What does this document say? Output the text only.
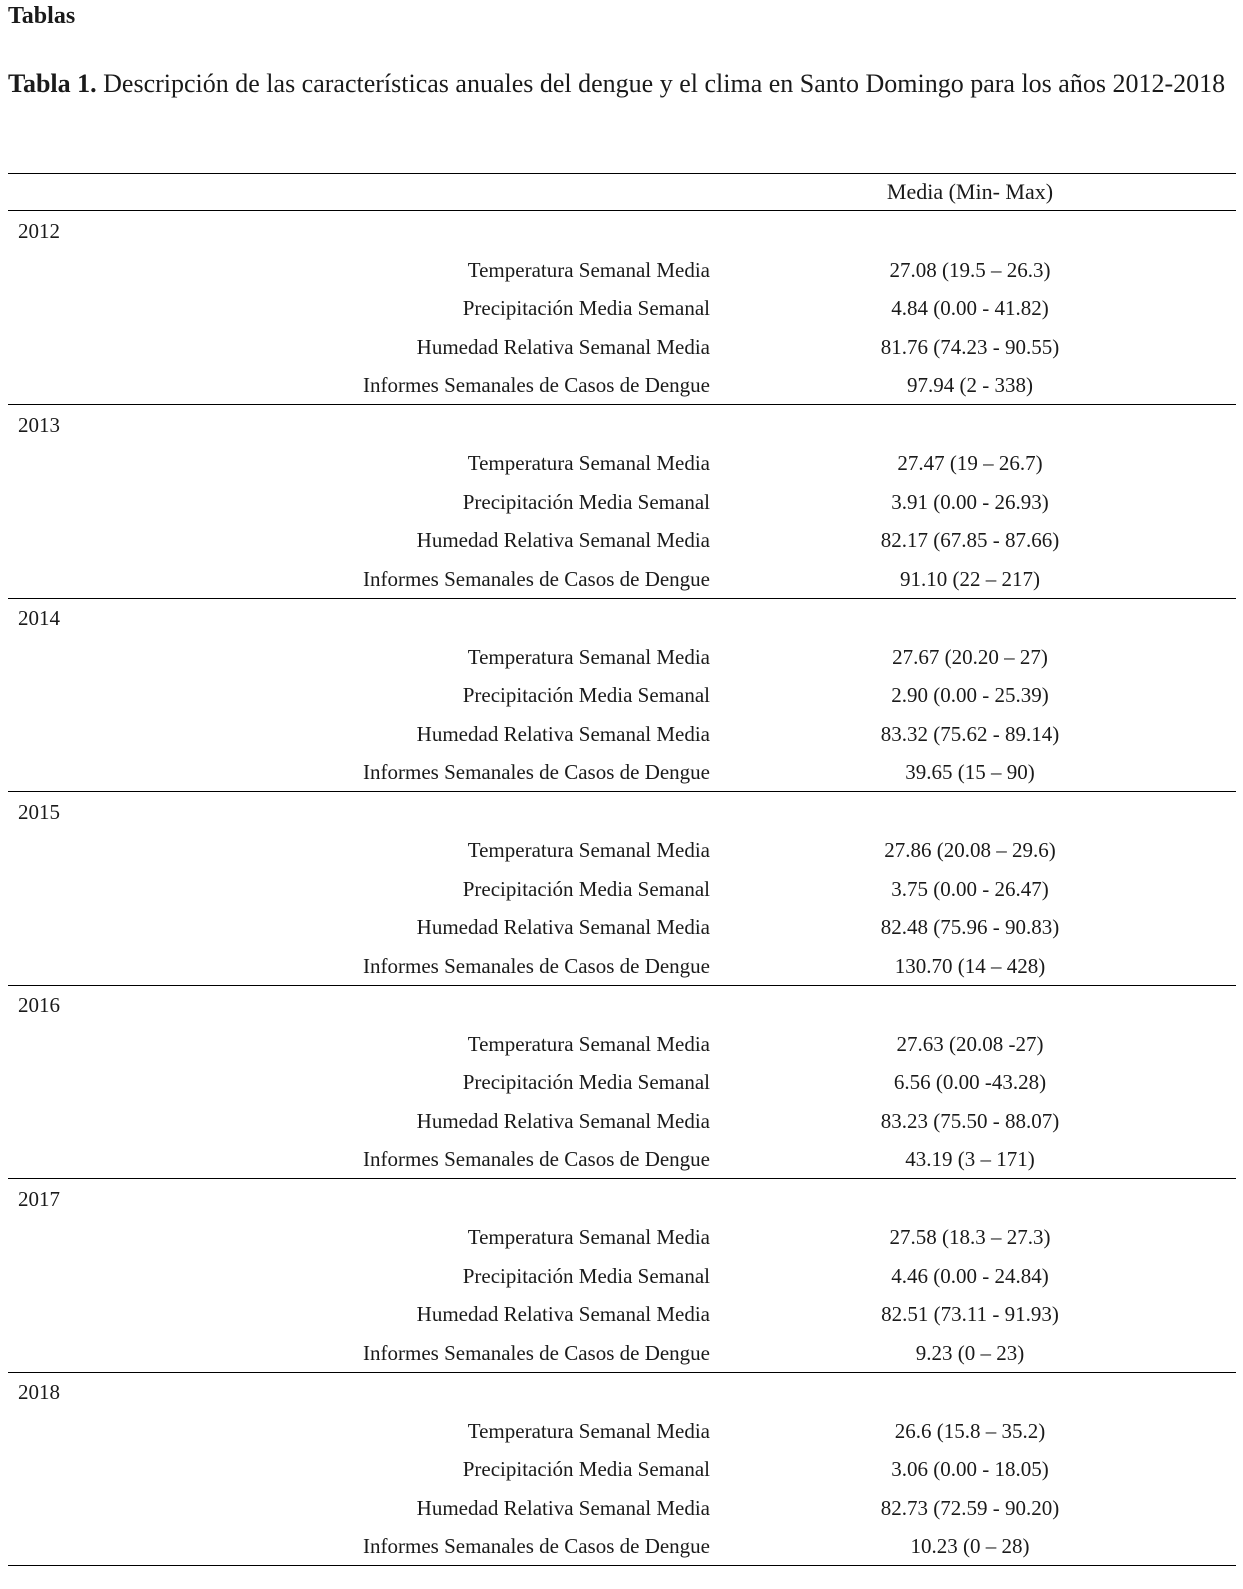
Tablas
Tabla 1. Descripción de las características anuales del dengue y el clima en Santo Domingo para los años 2012-2018
Media (Min- Max)
2012
Temperatura Semanal Media	27.08 (19.5 – 26.3)
Precipitación Media Semanal	4.84 (0.00 - 41.82)
Humedad Relativa Semanal Media	81.76 (74.23 - 90.55)
Informes Semanales de Casos de Dengue	97.94 (2 - 338)
2013
Temperatura Semanal Media	27.47 (19 – 26.7)
Precipitación Media Semanal	3.91 (0.00 - 26.93)
Humedad Relativa Semanal Media	82.17 (67.85 - 87.66)
Informes Semanales de Casos de Dengue	91.10 (22 – 217)
2014
Temperatura Semanal Media	27.67 (20.20 – 27)
Precipitación Media Semanal	2.90 (0.00 - 25.39)
Humedad Relativa Semanal Media	83.32 (75.62 - 89.14)
Informes Semanales de Casos de Dengue	39.65 (15 – 90)
2015
Temperatura Semanal Media	27.86 (20.08 – 29.6)
Precipitación Media Semanal	3.75 (0.00 - 26.47)
Humedad Relativa Semanal Media	82.48 (75.96 - 90.83)
Informes Semanales de Casos de Dengue	130.70 (14 – 428)
2016
Temperatura Semanal Media	27.63 (20.08 -27)
Precipitación Media Semanal	6.56 (0.00 -43.28)
Humedad Relativa Semanal Media	83.23 (75.50 - 88.07)
Informes Semanales de Casos de Dengue	43.19 (3 – 171)
2017
Temperatura Semanal Media	27.58 (18.3 – 27.3)
Precipitación Media Semanal	4.46 (0.00 - 24.84)
Humedad Relativa Semanal Media	82.51 (73.11 - 91.93)
Informes Semanales de Casos de Dengue	9.23 (0 – 23)
2018
Temperatura Semanal Media	26.6 (15.8 – 35.2)
Precipitación Media Semanal	3.06 (0.00 - 18.05)
Humedad Relativa Semanal Media	82.73 (72.59 - 90.20)
Informes Semanales de Casos de Dengue	10.23 (0 – 28)
